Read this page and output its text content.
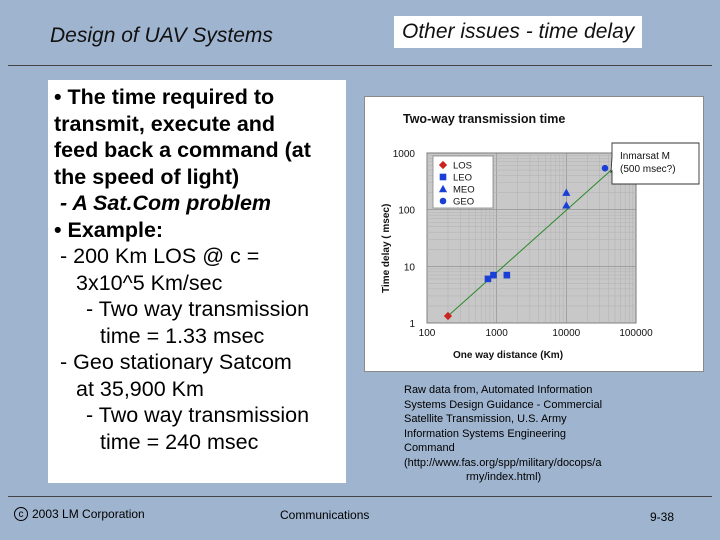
Design of UAV Systems	Other issues - time delay
• The time required to
transmit, execute and
feed back a command (at
the speed of light)
- A Sat.Com problem
• Example:
- 200 Km LOS @ c =
3x10^5 Km/sec
- Two way transmission
time = 1.33 msec
- Geo stationary Satcom
at 35,900 Km
- Two way transmission
time = 240 msec
Two-way transmission time
100	1000	10000	100000
1
10
100
1000
LOS
LEO
MEO
GEO
One way distance (Km)
Time delay ( msec)
Inmarsat M
(500 msec?)
Raw data from, Automated Information
Systems Design Guidance - Commercial
Satellite Transmission, U.S. Army
Information Systems Engineering
Command
(http://www.fas.org/spp/military/docops/a
rmy/index.html)
c 2003 LM Corporation	Communications	9-38
